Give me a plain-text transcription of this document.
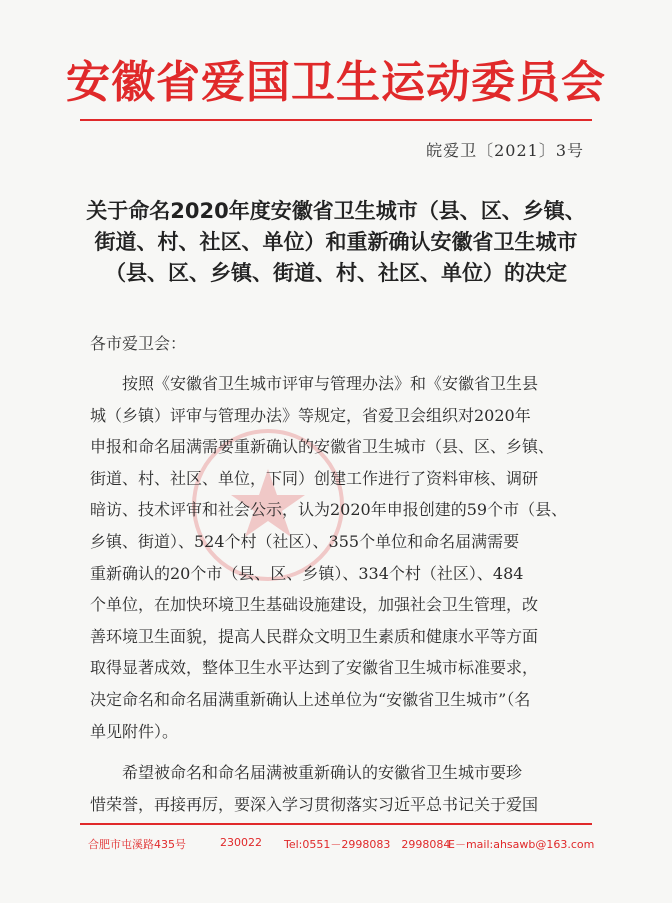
安徽省爱国卫生运动委员会
皖爱卫〔2021〕3号
关于命名2020年度安徽省卫生城市（县、区、乡镇、
街道、村、社区、单位）和重新确认安徽省卫生城市
（县、区、乡镇、街道、村、社区、单位）的决定
各市爱卫会：
按照《安徽省卫生城市评审与管理办法》和《安徽省卫生县
城（乡镇）评审与管理办法》等规定，省爱卫会组织对2020年
申报和命名届满需要重新确认的安徽省卫生城市（县、区、乡镇、
街道、村、社区、单位，下同）创建工作进行了资料审核、调研
暗访、技术评审和社会公示，认为2020年申报创建的59个市（县、
乡镇、街道）、524个村（社区）、355个单位和命名届满需要
重新确认的20个市（县、区、乡镇）、334个村（社区）、484
个单位，在加快环境卫生基础设施建设，加强社会卫生管理，改
善环境卫生面貌，提高人民群众文明卫生素质和健康水平等方面
取得显著成效，整体卫生水平达到了安徽省卫生城市标准要求，
决定命名和命名届满重新确认上述单位为“安徽省卫生城市”（名
单见附件）。
希望被命名和命名届满被重新确认的安徽省卫生城市要珍
惜荣誉，再接再厉，要深入学习贯彻落实习近平总书记关于爱国
合肥市屯溪路435号	230022 Tel:0551－2998083　2998084
E－mail:ahsawb@163.com
